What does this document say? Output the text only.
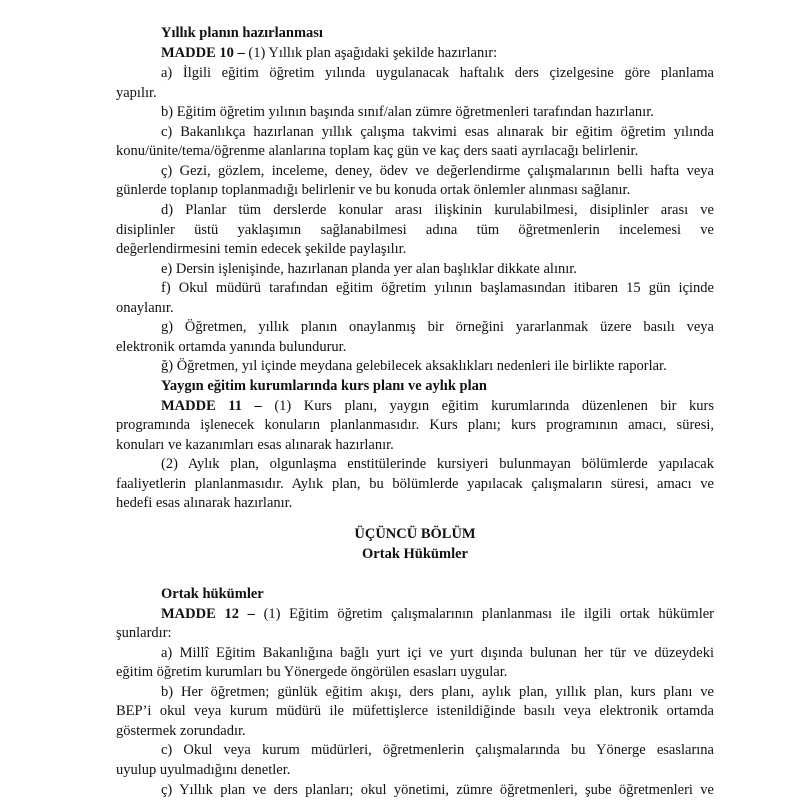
Yıllık planın hazırlanması
MADDE 10 – (1) Yıllık plan aşağıdaki şekilde hazırlanır:
a) İlgili eğitim öğretim yılında uygulanacak haftalık ders çizelgesine göre planlama
yapılır.
b) Eğitim öğretim yılının başında sınıf/alan zümre öğretmenleri tarafından hazırlanır.
c) Bakanlıkça hazırlanan yıllık çalışma takvimi esas alınarak bir eğitim öğretim yılında
konu/ünite/tema/öğrenme alanlarına toplam kaç gün ve kaç ders saati ayrılacağı belirlenir.
ç) Gezi, gözlem, inceleme, deney, ödev ve değerlendirme çalışmalarının belli hafta veya
günlerde toplanıp toplanmadığı belirlenir ve bu konuda ortak önlemler alınması sağlanır.
d) Planlar tüm derslerde konular arası ilişkinin kurulabilmesi, disiplinler arası ve
disiplinler üstü yaklaşımın sağlanabilmesi adına tüm öğretmenlerin incelemesi ve
değerlendirmesini temin edecek şekilde paylaşılır.
e) Dersin işlenişinde, hazırlanan planda yer alan başlıklar dikkate alınır.
f) Okul müdürü tarafından eğitim öğretim yılının başlamasından itibaren 15 gün içinde
onaylanır.
g) Öğretmen, yıllık planın onaylanmış bir örneğini yararlanmak üzere basılı veya
elektronik ortamda yanında bulundurur.
ğ) Öğretmen, yıl içinde meydana gelebilecek aksaklıkları nedenleri ile birlikte raporlar.
Yaygın eğitim kurumlarında kurs planı ve aylık plan
MADDE 11 – (1) Kurs planı, yaygın eğitim kurumlarında düzenlenen bir kurs
programında işlenecek konuların planlanmasıdır. Kurs planı; kurs programının amacı, süresi,
konuları ve kazanımları esas alınarak hazırlanır.
(2) Aylık plan, olgunlaşma enstitülerinde kursiyeri bulunmayan bölümlerde yapılacak
faaliyetlerin planlanmasıdır. Aylık plan, bu bölümlerde yapılacak çalışmaların süresi, amacı ve
hedefi esas alınarak hazırlanır.
ÜÇÜNCÜ BÖLÜM
Ortak Hükümler
Ortak hükümler
MADDE 12 – (1) Eğitim öğretim çalışmalarının planlanması ile ilgili ortak hükümler
şunlardır:
a) Millî Eğitim Bakanlığına bağlı yurt içi ve yurt dışında bulunan her tür ve düzeydeki
eğitim öğretim kurumları bu Yönergede öngörülen esasları uygular.
b) Her öğretmen; günlük eğitim akışı, ders planı, aylık plan, yıllık plan, kurs planı ve
BEP’i okul veya kurum müdürü ile müfettişlerce istenildiğinde basılı veya elektronik ortamda
göstermek zorundadır.
c) Okul veya kurum müdürleri, öğretmenlerin çalışmalarında bu Yönerge esaslarına
uyulup uyulmadığını denetler.
ç) Yıllık plan ve ders planları; okul yönetimi, zümre öğretmenleri, şube öğretmenleri ve
